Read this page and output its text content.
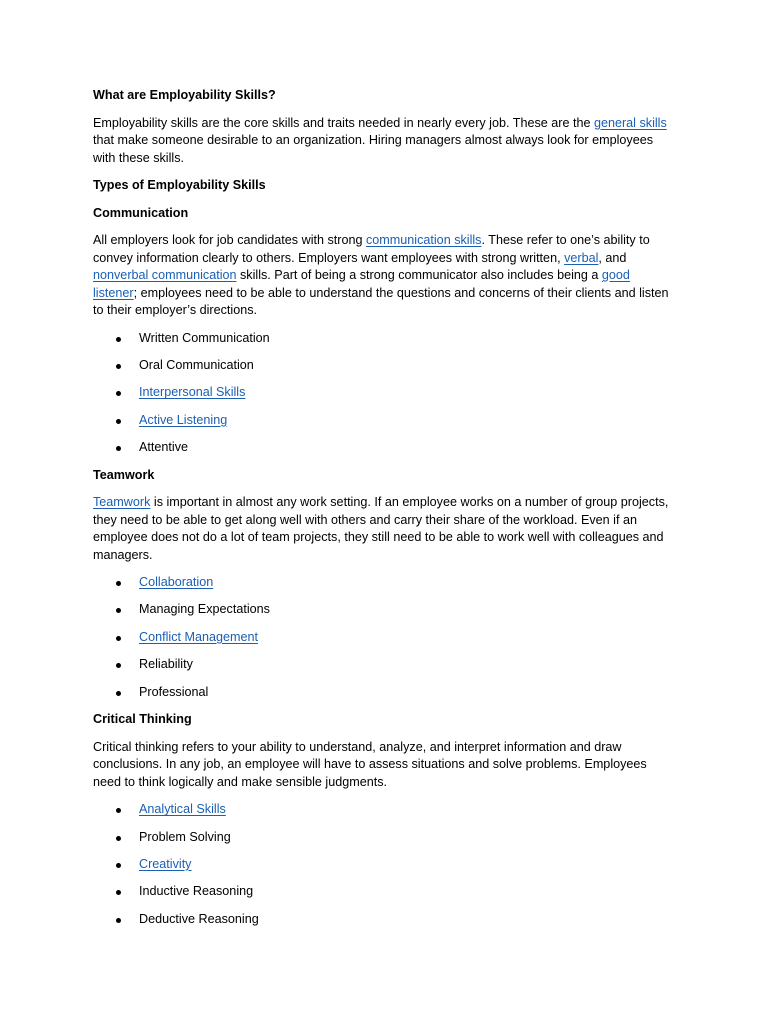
What are Employability Skills?
Employability skills are the core skills and traits needed in nearly every job. These are the general skills that make someone desirable to an organization. Hiring managers almost always look for employees with these skills.
Types of Employability Skills
Communication
All employers look for job candidates with strong communication skills. These refer to one’s ability to convey information clearly to others. Employers want employees with strong written, verbal, and nonverbal communication skills. Part of being a strong communicator also includes being a good listener; employees need to be able to understand the questions and concerns of their clients and listen to their employer’s directions.
Written Communication
Oral Communication
Interpersonal Skills
Active Listening
Attentive
Teamwork
Teamwork is important in almost any work setting. If an employee works on a number of group projects, they need to be able to get along well with others and carry their share of the workload. Even if an employee does not do a lot of team projects, they still need to be able to work well with colleagues and managers.
Collaboration
Managing Expectations
Conflict Management
Reliability
Professional
Critical Thinking
Critical thinking refers to your ability to understand, analyze, and interpret information and draw conclusions. In any job, an employee will have to assess situations and solve problems. Employees need to think logically and make sensible judgments.
Analytical Skills
Problem Solving
Creativity
Inductive Reasoning
Deductive Reasoning
